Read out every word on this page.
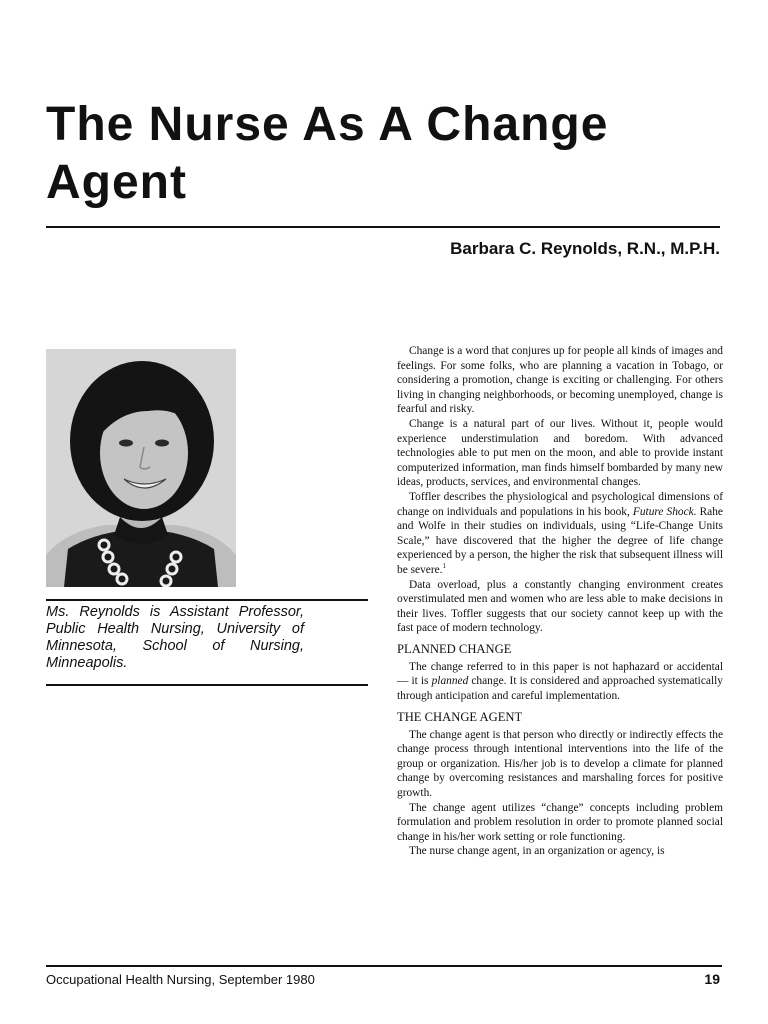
The Nurse As A Change Agent
Barbara C. Reynolds, R.N., M.P.H.
Ms. Reynolds is Assistant Professor, Public Health Nursing, University of Minnesota, School of Nursing, Minneapolis.

Change is a word that conjures up for people all kinds of images and feelings. For some folks, who are planning a vacation in Tobago, or considering a promotion, change is exciting or challenging. For others living in changing neighborhoods, or becoming unemployed, change is fearful and risky.

Change is a natural part of our lives. Without it, people would experience understimulation and boredom. With advanced technologies able to put men on the moon, and able to provide instant computerized information, man finds himself bombarded by many new ideas, products, services, and environmental changes.

Toffler describes the physiological and psychological dimensions of change on individuals and populations in his book, Future Shock. Rahe and Wolfe in their studies on individuals, using “Life-Change Units Scale,” have discovered that the higher the degree of life change experienced by a person, the higher the risk that subsequent illness will be severe.$^1$

Data overload, plus a constantly changing environment creates overstimulated men and women who are less able to make decisions in their lives. Toffler suggests that our society cannot keep up with the fast pace of modern technology.

PLANNED CHANGE

The change referred to in this paper is not haphazard or accidental — it is planned change. It is considered and approached systematically through anticipation and careful implementation.

THE CHANGE AGENT

The change agent is that person who directly or indirectly effects the change process through intentional interventions into the life of the group or organization. His/her job is to develop a climate for planned change by overcoming resistances and marshaling forces for positive growth.

The change agent utilizes “change” concepts including problem formulation and problem resolution in order to promote planned social change in his/her work setting or role functioning.

The nurse change agent, in an organization or agency, is

Occupational Health Nursing, September 1980	19
